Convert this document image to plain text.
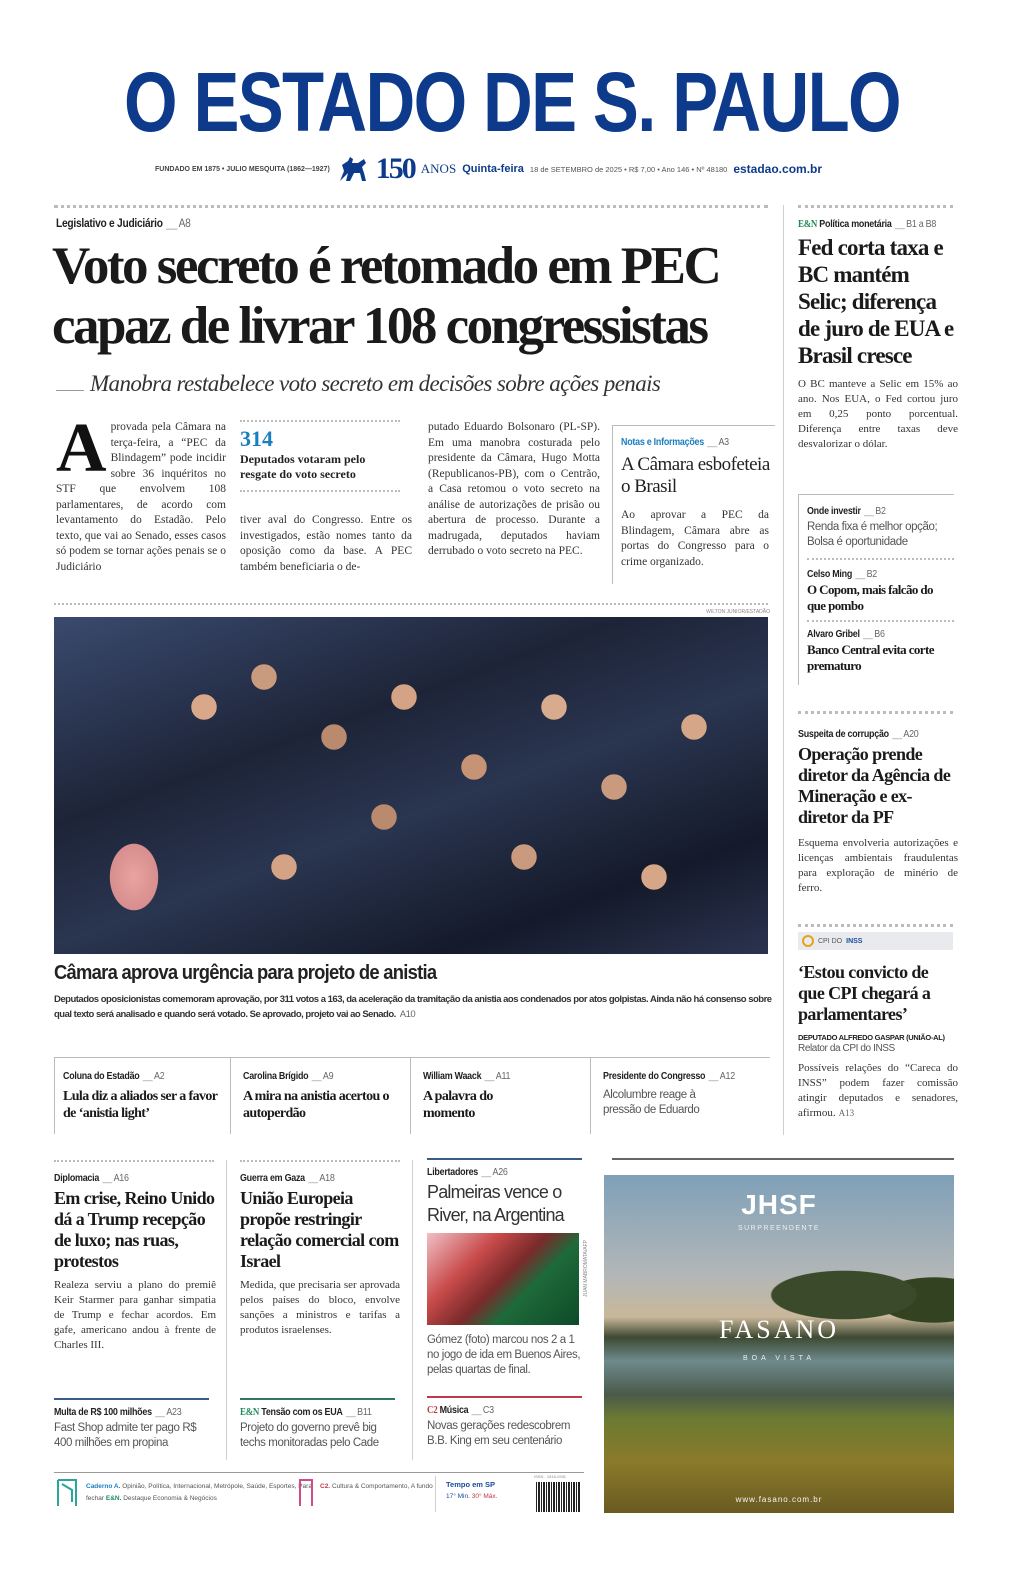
O ESTADO DE S. PAULO
FUNDADO EM 1875 • JULIO MESQUITA (1862—1927) 150 ANOS Quinta-feira 18 de SETEMBRO de 2025 • R$ 7,00 • Ano 146 • Nº 48180 estadao.com.br
Legislativo e Judiciário __ A8
Voto secreto é retomado em PEC
capaz de livrar 108 congressistas
Manobra restabelece voto secreto em decisões sobre ações penais
A provada pela Câmara na terça-feira, a “PEC da Blindagem” pode incidir sobre 36 inquéritos no STF que envolvem 108 parlamentares, de acordo com levantamento do Estadão. Pelo texto, que vai ao Senado, esses casos só podem se tornar ações penais se o Judiciário
314
Deputados votaram pelo resgate do voto secreto
tiver aval do Congresso. Entre os investigados, estão nomes tanto da oposição como da base. A PEC também beneficiaria o de-
putado Eduardo Bolsonaro (PL-SP). Em uma manobra costurada pelo presidente da Câmara, Hugo Motta (Republicanos-PB), com o Centrão, a Casa retomou o voto secreto na análise de autorizações de prisão ou abertura de processo. Durante a madrugada, deputados haviam derrubado o voto secreto na PEC.
Notas e Informações __ A3
A Câmara esbofeteia o Brasil
Ao aprovar a PEC da Blindagem, Câmara abre as portas do Congresso para o crime organizado.
WILTON JUNIOR/ESTADÃO
Câmara aprova urgência para projeto de anistia
Deputados oposicionistas comemoram aprovação, por 311 votos a 163, da aceleração da tramitação da anistia aos condenados por atos golpistas. Ainda não há consenso sobre qual texto será analisado e quando será votado. Se aprovado, projeto vai ao Senado. A10
E&N Política monetária __ B1 a B8
Fed corta taxa e BC mantém Selic; diferença de juro de EUA e Brasil cresce
O BC manteve a Selic em 15% ao ano. Nos EUA, o Fed cortou juro em 0,25 ponto porcentual. Diferença entre taxas deve desvalorizar o dólar.
Onde investir __ B2
Renda fixa é melhor opção; Bolsa é oportunidade
Celso Ming __ B2
O Copom, mais falcão do que pombo
Alvaro Gribel __ B6
Banco Central evita corte prematuro
Suspeita de corrupção __ A20
Operação prende diretor da Agência de Mineração e ex-diretor da PF
Esquema envolveria autorizações e licenças ambientais fraudulentas para exploração de minério de ferro.
CPI DO INSS
‘Estou convicto de que CPI chegará a parlamentares’
DEPUTADO ALFREDO GASPAR (UNIÃO-AL)
Relator da CPI do INSS
Possíveis relações do “Careca do INSS” podem fazer comissão atingir deputados e senadores, afirmou. A13
Coluna do Estadão __ A2
Lula diz a aliados ser a favor de ‘anistia light’
Carolina Brígido __ A9
A mira na anistia acertou o autoperdão
William Waack __ A11
A palavra do momento
Presidente do Congresso __ A12
Alcolumbre reage à pressão de Eduardo
Diplomacia __ A16
Em crise, Reino Unido dá a Trump recepção de luxo; nas ruas, protestos
Realeza serviu a plano do premiê Keir Starmer para ganhar simpatia de Trump e fechar acordos. Em gafe, americano andou à frente de Charles III.
Guerra em Gaza __ A18
União Europeia propõe restringir relação comercial com Israel
Medida, que precisaria ser aprovada pelos países do bloco, envolve sanções a ministros e tarifas a produtos israelenses.
Libertadores __ A26
Palmeiras vence o River, na Argentina
Gómez (foto) marcou nos 2 a 1 no jogo de ida em Buenos Aires, pelas quartas de final.
JUAN MABROMATA/AFP
Multa de R$ 100 milhões __ A23
Fast Shop admite ter pago R$ 400 milhões em propina
E&N Tensão com os EUA __ B11
Projeto do governo prevê big techs monitoradas pelo Cade
C2 Música __ C3
Novas gerações redescobrem B.B. King em seu centenário
JHSF
SURPREENDENTE
FASANO
BOA VISTA
www.fasano.com.br
Caderno A. Opinião, Política, Internacional, Metrópole, Saúde, Esportes, Para fechar E&N. Destaque Economia & Negócios
C2. Cultura & Comportamento, A fundo	Tempo em SP
17° Min. 30° Máx.
ISSN - 1516-2931
